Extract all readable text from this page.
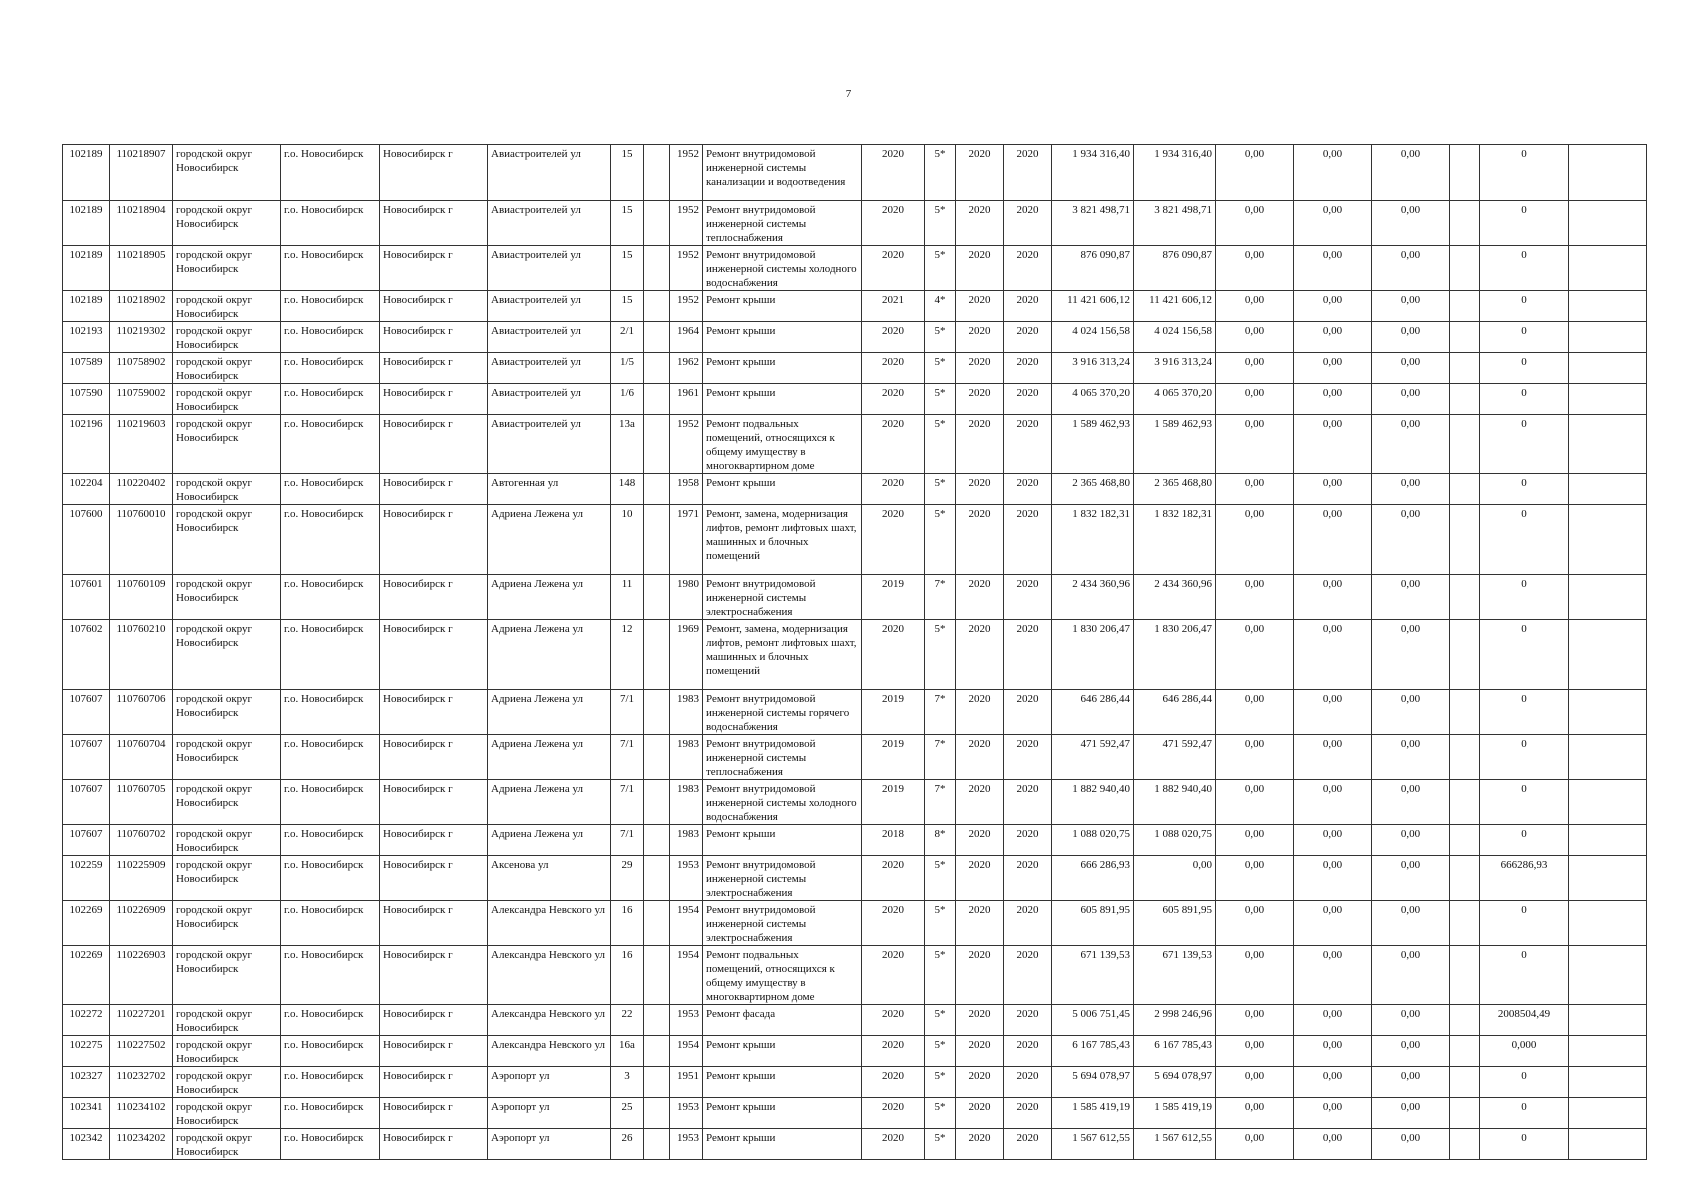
7
102189	110218907	городской округ Новосибирск	г.о. Новосибирск	Новосибирск г	Авиастроителей ул	15		1952	Ремонт внутридомовой инженерной системы канализации и водоотведения	2020	5*	2020	2020	1 934 316,40	1 934 316,40	0,00	0,00	0,00		0	
102189	110218904	городской округ Новосибирск	г.о. Новосибирск	Новосибирск г	Авиастроителей ул	15		1952	Ремонт внутридомовой инженерной системы теплоснабжения	2020	5*	2020	2020	3 821 498,71	3 821 498,71	0,00	0,00	0,00		0	
102189	110218905	городской округ Новосибирск	г.о. Новосибирск	Новосибирск г	Авиастроителей ул	15		1952	Ремонт внутридомовой инженерной системы холодного водоснабжения	2020	5*	2020	2020	876 090,87	876 090,87	0,00	0,00	0,00		0	
102189	110218902	городской округ Новосибирск	г.о. Новосибирск	Новосибирск г	Авиастроителей ул	15		1952	Ремонт крыши	2021	4*	2020	2020	11 421 606,12	11 421 606,12	0,00	0,00	0,00		0	
102193	110219302	городской округ Новосибирск	г.о. Новосибирск	Новосибирск г	Авиастроителей ул	2/1		1964	Ремонт крыши	2020	5*	2020	2020	4 024 156,58	4 024 156,58	0,00	0,00	0,00		0	
107589	110758902	городской округ Новосибирск	г.о. Новосибирск	Новосибирск г	Авиастроителей ул	1/5		1962	Ремонт крыши	2020	5*	2020	2020	3 916 313,24	3 916 313,24	0,00	0,00	0,00		0	
107590	110759002	городской округ Новосибирск	г.о. Новосибирск	Новосибирск г	Авиастроителей ул	1/6		1961	Ремонт крыши	2020	5*	2020	2020	4 065 370,20	4 065 370,20	0,00	0,00	0,00		0	
102196	110219603	городской округ Новосибирск	г.о. Новосибирск	Новосибирск г	Авиастроителей ул	13а		1952	Ремонт подвальных помещений, относящихся к общему имуществу в многоквартирном доме	2020	5*	2020	2020	1 589 462,93	1 589 462,93	0,00	0,00	0,00		0	
102204	110220402	городской округ Новосибирск	г.о. Новосибирск	Новосибирск г	Автогенная ул	148		1958	Ремонт крыши	2020	5*	2020	2020	2 365 468,80	2 365 468,80	0,00	0,00	0,00		0	
107600	110760010	городской округ Новосибирск	г.о. Новосибирск	Новосибирск г	Адриена Лежена ул	10		1971	Ремонт, замена, модернизация лифтов, ремонт лифтовых шахт, машинных и блочных помещений	2020	5*	2020	2020	1 832 182,31	1 832 182,31	0,00	0,00	0,00		0	
107601	110760109	городской округ Новосибирск	г.о. Новосибирск	Новосибирск г	Адриена Лежена ул	11		1980	Ремонт внутридомовой инженерной системы электроснабжения	2019	7*	2020	2020	2 434 360,96	2 434 360,96	0,00	0,00	0,00		0	
107602	110760210	городской округ Новосибирск	г.о. Новосибирск	Новосибирск г	Адриена Лежена ул	12		1969	Ремонт, замена, модернизация лифтов, ремонт лифтовых шахт, машинных и блочных помещений	2020	5*	2020	2020	1 830 206,47	1 830 206,47	0,00	0,00	0,00		0	
107607	110760706	городской округ Новосибирск	г.о. Новосибирск	Новосибирск г	Адриена Лежена ул	7/1		1983	Ремонт внутридомовой инженерной системы горячего водоснабжения	2019	7*	2020	2020	646 286,44	646 286,44	0,00	0,00	0,00		0	
107607	110760704	городской округ Новосибирск	г.о. Новосибирск	Новосибирск г	Адриена Лежена ул	7/1		1983	Ремонт внутридомовой инженерной системы теплоснабжения	2019	7*	2020	2020	471 592,47	471 592,47	0,00	0,00	0,00		0	
107607	110760705	городской округ Новосибирск	г.о. Новосибирск	Новосибирск г	Адриена Лежена ул	7/1		1983	Ремонт внутридомовой инженерной системы холодного водоснабжения	2019	7*	2020	2020	1 882 940,40	1 882 940,40	0,00	0,00	0,00		0	
107607	110760702	городской округ Новосибирск	г.о. Новосибирск	Новосибирск г	Адриена Лежена ул	7/1		1983	Ремонт крыши	2018	8*	2020	2020	1 088 020,75	1 088 020,75	0,00	0,00	0,00		0	
102259	110225909	городской округ Новосибирск	г.о. Новосибирск	Новосибирск г	Аксенова ул	29		1953	Ремонт внутридомовой инженерной системы электроснабжения	2020	5*	2020	2020	666 286,93	0,00	0,00	0,00	0,00		666286,93	
102269	110226909	городской округ Новосибирск	г.о. Новосибирск	Новосибирск г	Александра Невского ул	16		1954	Ремонт внутридомовой инженерной системы электроснабжения	2020	5*	2020	2020	605 891,95	605 891,95	0,00	0,00	0,00		0	
102269	110226903	городской округ Новосибирск	г.о. Новосибирск	Новосибирск г	Александра Невского ул	16		1954	Ремонт подвальных помещений, относящихся к общему имуществу в многоквартирном доме	2020	5*	2020	2020	671 139,53	671 139,53	0,00	0,00	0,00		0	
102272	110227201	городской округ Новосибирск	г.о. Новосибирск	Новосибирск г	Александра Невского ул	22		1953	Ремонт фасада	2020	5*	2020	2020	5 006 751,45	2 998 246,96	0,00	0,00	0,00		2008504,49	
102275	110227502	городской округ Новосибирск	г.о. Новосибирск	Новосибирск г	Александра Невского ул	16а		1954	Ремонт крыши	2020	5*	2020	2020	6 167 785,43	6 167 785,43	0,00	0,00	0,00		0,000	
102327	110232702	городской округ Новосибирск	г.о. Новосибирск	Новосибирск г	Аэропорт ул	3		1951	Ремонт крыши	2020	5*	2020	2020	5 694 078,97	5 694 078,97	0,00	0,00	0,00		0	
102341	110234102	городской округ Новосибирск	г.о. Новосибирск	Новосибирск г	Аэропорт ул	25		1953	Ремонт крыши	2020	5*	2020	2020	1 585 419,19	1 585 419,19	0,00	0,00	0,00		0	
102342	110234202	городской округ Новосибирск	г.о. Новосибирск	Новосибирск г	Аэропорт ул	26		1953	Ремонт крыши	2020	5*	2020	2020	1 567 612,55	1 567 612,55	0,00	0,00	0,00		0	
